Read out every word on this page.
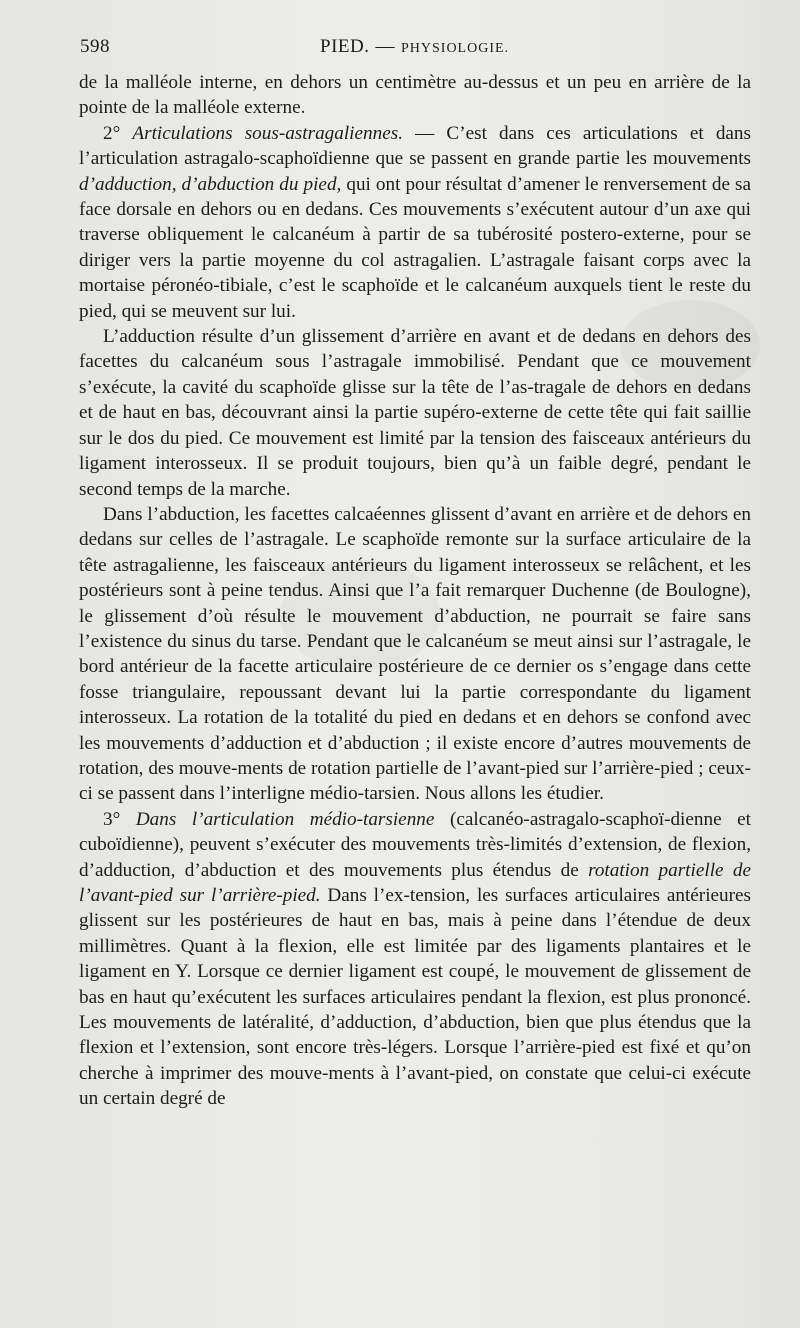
598	PIED. — PHYSIOLOGIE.

de la malléole interne, en dehors un centimètre au-dessus et un peu en arrière de la pointe de la malléole externe.

2° Articulations sous-astragaliennes. — C’est dans ces articulations et dans l’articulation astragalo-scaphoïdienne que se passent en grande partie les mouvements d’adduction, d’abduction du pied, qui ont pour résultat d’amener le renversement de sa face dorsale en dehors ou en dedans. Ces mouvements s’exécutent autour d’un axe qui traverse obliquement le calcanéum à partir de sa tubérosité postero-externe, pour se diriger vers la partie moyenne du col astragalien. L’astragale faisant corps avec la mortaise péronéo-tibiale, c’est le scaphoïde et le calcanéum auxquels tient le reste du pied, qui se meuvent sur lui.

L’adduction résulte d’un glissement d’arrière en avant et de dedans en dehors des facettes du calcanéum sous l’astragale immobilisé. Pendant que ce mouvement s’exécute, la cavité du scaphoïde glisse sur la tête de l’as-tragale de dehors en dedans et de haut en bas, découvrant ainsi la partie supéro-externe de cette tête qui fait saillie sur le dos du pied. Ce mouvement est limité par la tension des faisceaux antérieurs du ligament interosseux. Il se produit toujours, bien qu’à un faible degré, pendant le second temps de la marche.

Dans l’abduction, les facettes calcaéennes glissent d’avant en arrière et de dehors en dedans sur celles de l’astragale. Le scaphoïde remonte sur la surface articulaire de la tête astragalienne, les faisceaux antérieurs du ligament interosseux se relâchent, et les postérieurs sont à peine tendus. Ainsi que l’a fait remarquer Duchenne (de Boulogne), le glissement d’où résulte le mouvement d’abduction, ne pourrait se faire sans l’existence du sinus du tarse. Pendant que le calcanéum se meut ainsi sur l’astragale, le bord antérieur de la facette articulaire postérieure de ce dernier os s’engage dans cette fosse triangulaire, repoussant devant lui la partie correspondante du ligament interosseux. La rotation de la totalité du pied en dedans et en dehors se confond avec les mouvements d’adduction et d’abduction ; il existe encore d’autres mouvements de rotation, des mouve-ments de rotation partielle de l’avant-pied sur l’arrière-pied ; ceux-ci se passent dans l’interligne médio-tarsien. Nous allons les étudier.

3° Dans l’articulation médio-tarsienne (calcanéo-astragalo-scaphoï-dienne et cuboïdienne), peuvent s’exécuter des mouvements très-limités d’extension, de flexion, d’adduction, d’abduction et des mouvements plus étendus de rotation partielle de l’avant-pied sur l’arrière-pied. Dans l’ex-tension, les surfaces articulaires antérieures glissent sur les postérieures de haut en bas, mais à peine dans l’étendue de deux millimètres. Quant à la flexion, elle est limitée par des ligaments plantaires et le ligament en Y. Lorsque ce dernier ligament est coupé, le mouvement de glissement de bas en haut qu’exécutent les surfaces articulaires pendant la flexion, est plus prononcé. Les mouvements de latéralité, d’adduction, d’abduction, bien que plus étendus que la flexion et l’extension, sont encore très-légers. Lorsque l’arrière-pied est fixé et qu’on cherche à imprimer des mouve-ments à l’avant-pied, on constate que celui-ci exécute un certain degré de
